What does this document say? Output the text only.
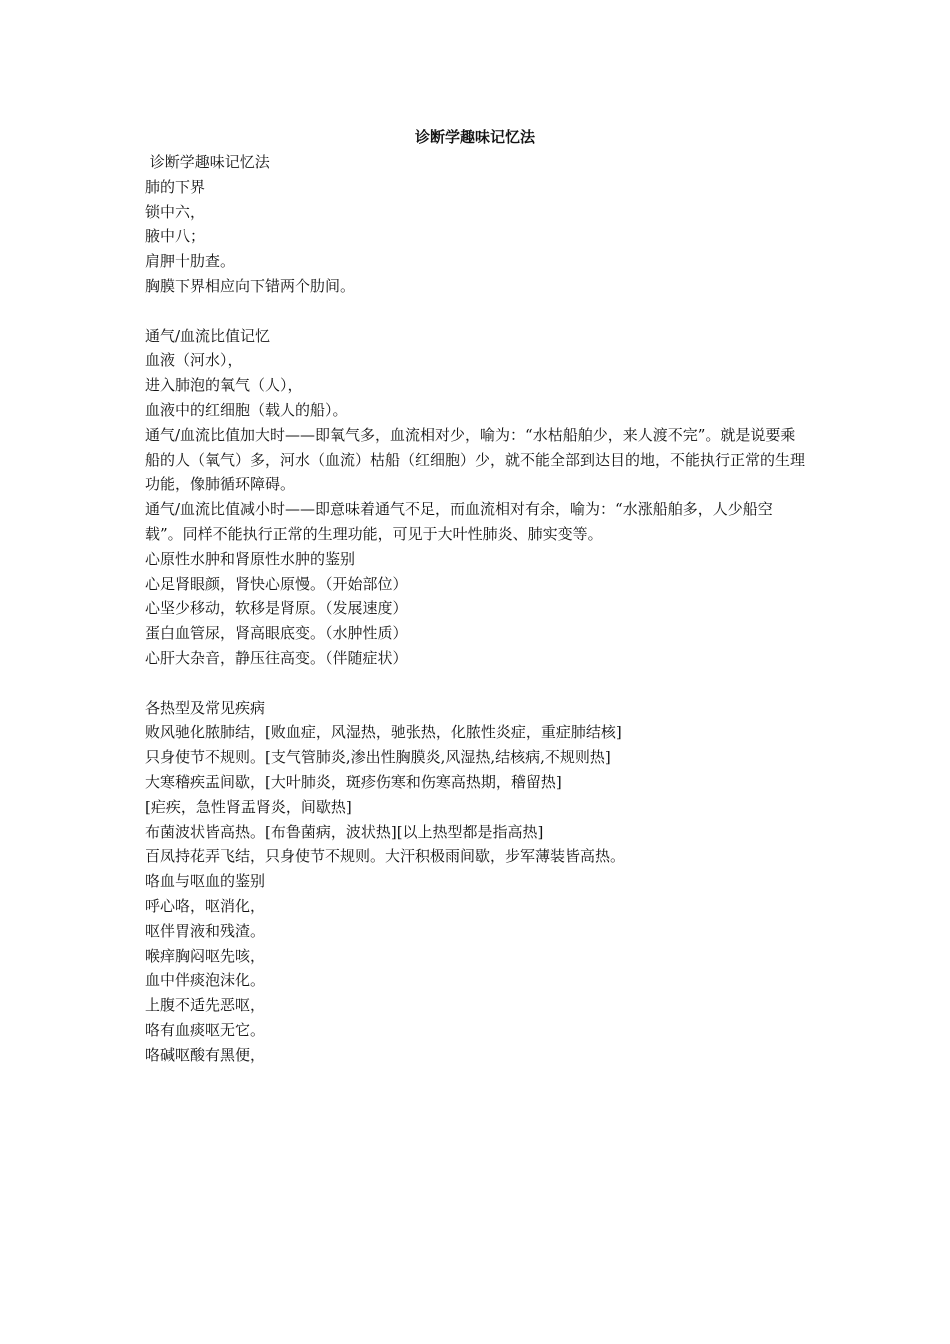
诊断学趣味记忆法

诊断学趣味记忆法

肺的下界

锁中六，

腋中八；

肩胛十肋查。

胸膜下界相应向下错两个肋间。

通气/血流比值记忆

血液（河水），

进入肺泡的氧气（人），

血液中的红细胞（载人的船）。

通气/血流比值加大时——即氧气多，血流相对少，喻为：“水枯船舶少，来人渡不完”。就是说要乘船的人（氧气）多，河水（血流）枯船（红细胞）少，就不能全部到达目的地，不能执行正常的生理功能，像肺循环障碍。

通气/血流比值减小时——即意味着通气不足，而血流相对有余，喻为：“水涨船舶多，人少船空载”。同样不能执行正常的生理功能，可见于大叶性肺炎、肺实变等。

心原性水肿和肾原性水肿的鉴别

心足肾眼颜，肾快心原慢。（开始部位）

心坚少移动，软移是肾原。（发展速度）

蛋白血管尿，肾高眼底变。（水肿性质）

心肝大杂音，静压往高变。（伴随症状）

各热型及常见疾病

败风驰化脓肺结，[败血症，风湿热，驰张热，化脓性炎症，重症肺结核]

只身使节不规则。[支气管肺炎,渗出性胸膜炎,风湿热,结核病,不规则热]

大寒稽疾盂间歇，[大叶肺炎，斑疹伤寒和伤寒高热期，稽留热]

[疟疾，急性肾盂肾炎，间歇热]

布菌波状皆高热。[布鲁菌病，波状热][以上热型都是指高热]

百凤持花弄飞结，只身使节不规则。大汗积极雨间歇，步军薄装皆高热。

咯血与呕血的鉴别

呼心咯，呕消化，

呕伴胃液和残渣。

喉痒胸闷呕先咳，

血中伴痰泡沫化。

上腹不适先恶呕，

咯有血痰呕无它。

咯碱呕酸有黑便，
